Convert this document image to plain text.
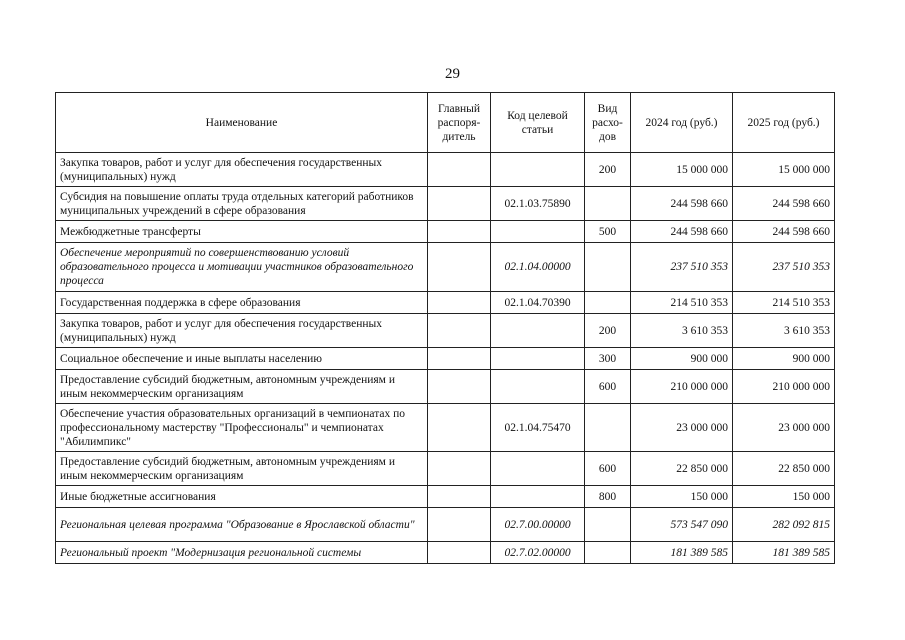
29
Наименование	Главный распоря-дитель	Код целевой статьи	Вид расхо-дов	2024 год (руб.)	2025 год (руб.)
Закупка товаров, работ и услуг для обеспечения государственных (муниципальных) нужд			200	15 000 000	15 000 000
Субсидия на повышение оплаты труда отдельных категорий работников муниципальных учреждений в сфере образования		02.1.03.75890		244 598 660	244 598 660
Межбюджетные трансферты			500	244 598 660	244 598 660
Обеспечение мероприятий по совершенствованию условий образовательного процесса и мотивации участников образовательного процесса		02.1.04.00000		237 510 353	237 510 353
Государственная поддержка в сфере образования		02.1.04.70390		214 510 353	214 510 353
Закупка товаров, работ и услуг для обеспечения государственных (муниципальных) нужд			200	3 610 353	3 610 353
Социальное обеспечение и иные выплаты населению			300	900 000	900 000
Предоставление субсидий бюджетным, автономным учреждениям и иным некоммерческим организациям			600	210 000 000	210 000 000
Обеспечение участия образовательных организаций в чемпионатах по профессиональному мастерству "Профессионалы" и чемпионатах "Абилимпикс"		02.1.04.75470		23 000 000	23 000 000
Предоставление субсидий бюджетным, автономным учреждениям и иным некоммерческим организациям			600	22 850 000	22 850 000
Иные бюджетные ассигнования			800	150 000	150 000
Региональная целевая программа "Образование в Ярославской области"		02.7.00.00000		573 547 090	282 092 815
Региональный проект "Модернизация региональной системы		02.7.02.00000		181 389 585	181 389 585
